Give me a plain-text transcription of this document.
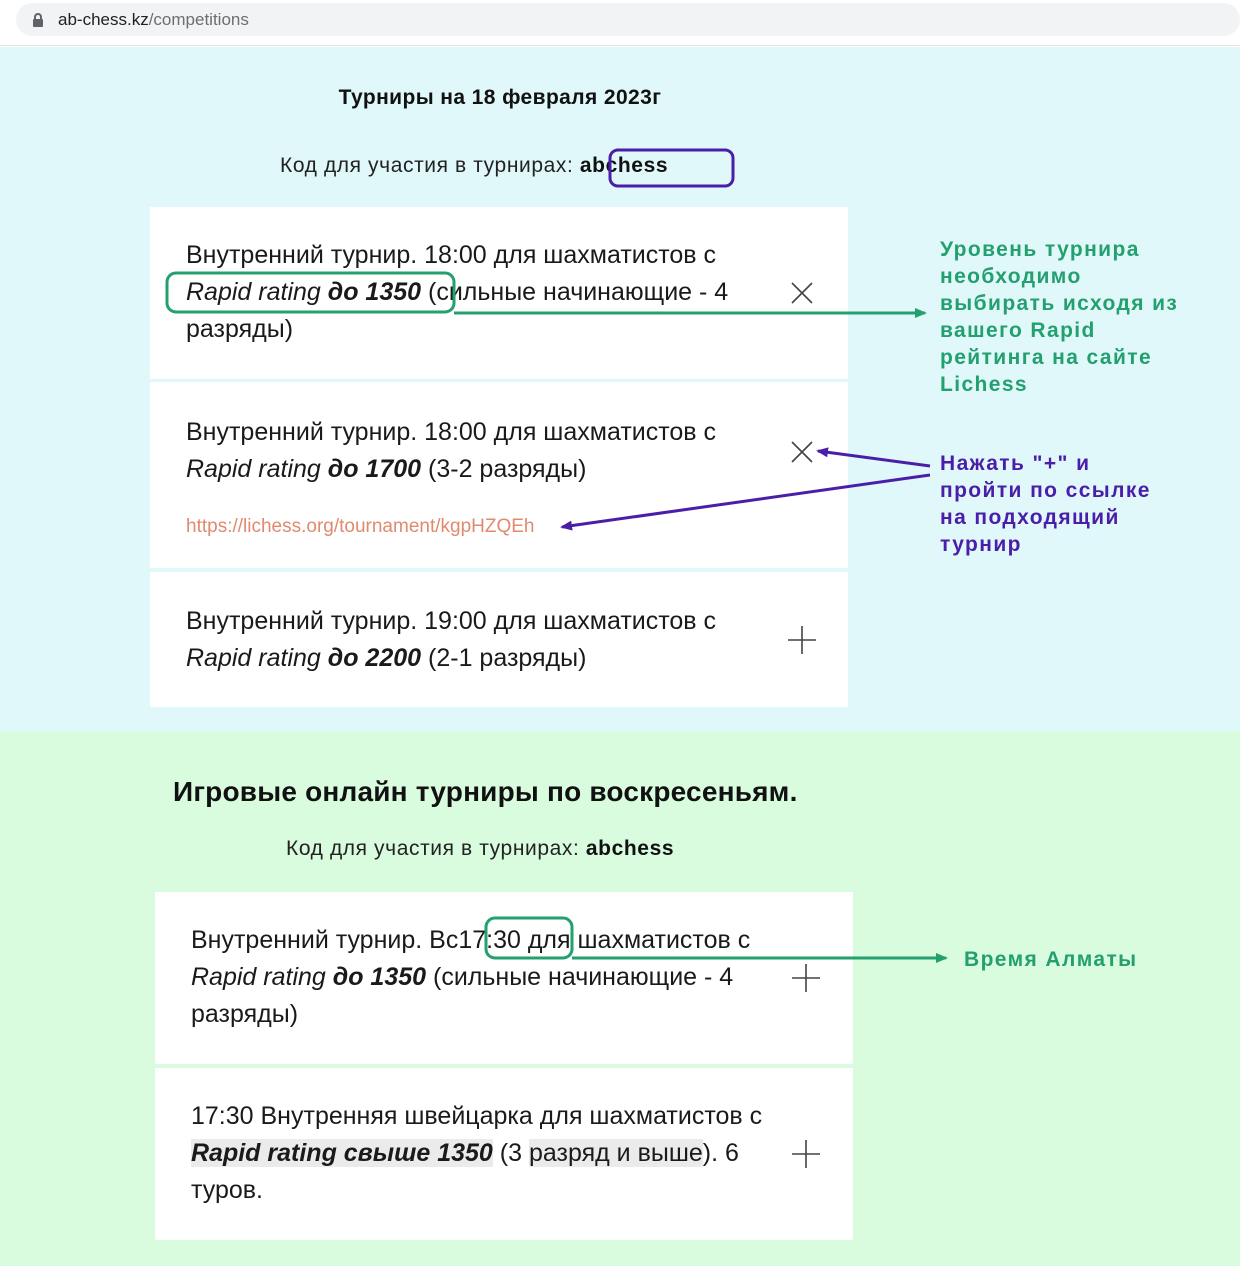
ab-chess.kz/competitions
Турниры на 18 февраля 2023г
Код для участия в турнирах: abchess
Внутренний турнир. 18:00 для шахматистов с Rapid rating до 1350 (сильные начинающие - 4 разряды)
Внутренний турнир. 18:00 для шахматистов с Rapid rating до 1700 (3-2 разряды)
https://lichess.org/tournament/kgpHZQEh
Внутренний турнир. 19:00 для шахматистов с Rapid rating до 2200 (2-1 разряды)
Игровые онлайн турниры по воскресеньям.
Код для участия в турнирах: abchess
Внутренний турнир. Вс17:30 для шахматистов с Rapid rating до 1350 (сильные начинающие - 4 разряды)
17:30 Внутренняя швейцарка для шахматистов с Rapid rating свыше 1350 (3 разряд и выше). 6 туров.
Уровень турнира необходимо выбирать исходя из вашего Rapid рейтинга на сайте Lichess
Нажать "+" и пройти по ссылке на подходящий турнир
Время Алматы
